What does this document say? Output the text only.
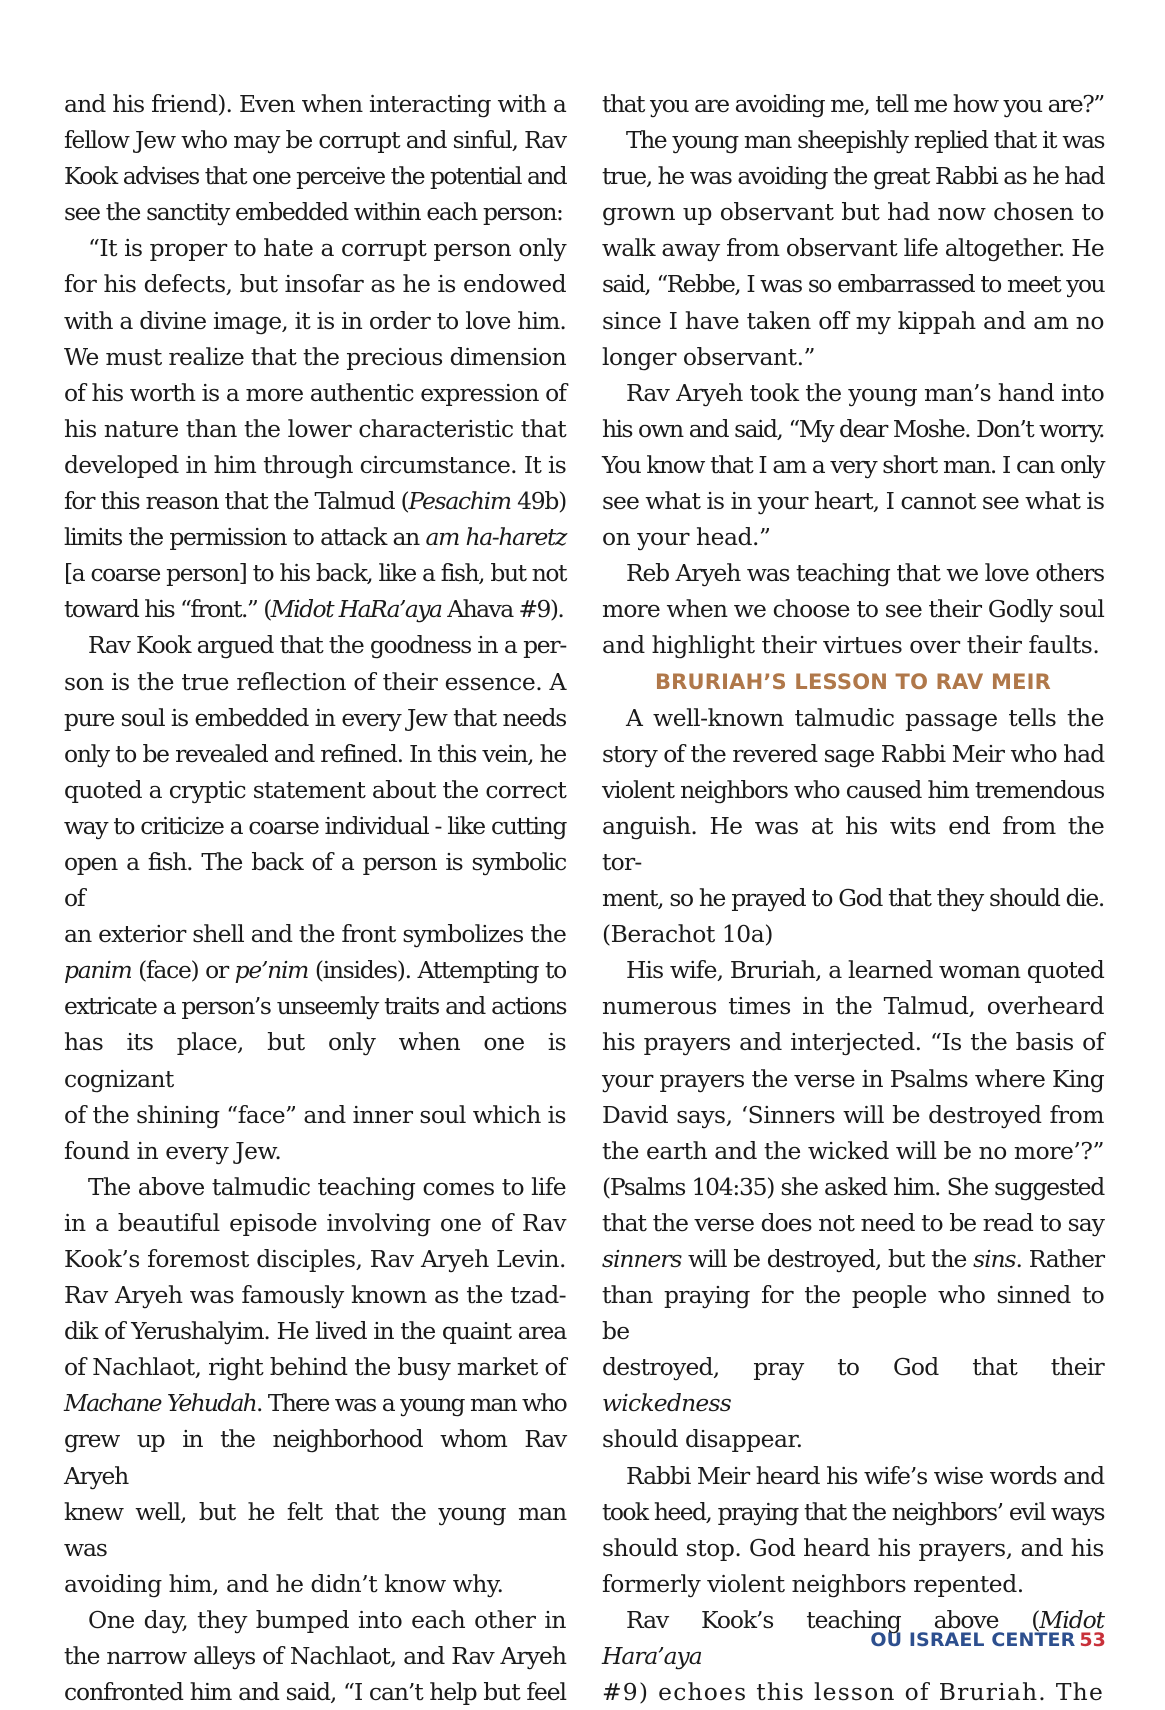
and his friend). Even when interacting with a

fellow Jew who may be corrupt and sinful, Rav

Kook advises that one perceive the potential and

see the sanctity embedded within each person:

“It is proper to hate a corrupt person only

for his defects, but insofar as he is endowed

with a divine image, it is in order to love him.

We must realize that the precious dimension

of his worth is a more authentic expression of

his nature than the lower characteristic that

developed in him through circumstance. It is

for this reason that the Talmud (Pesachim 49b)

limits the permission to attack an am ha-haretz

[a coarse person] to his back, like a fish, but not

toward his “front.” (Midot HaRa’aya Ahava #9).

Rav Kook argued that the goodness in a per-

son is the true reflection of their essence. A

pure soul is embedded in every Jew that needs

only to be revealed and refined. In this vein, he

quoted a cryptic statement about the correct

way to criticize a coarse individual - like cutting

open a fish. The back of a person is symbolic of

an exterior shell and the front symbolizes the

panim (face) or pe’nim (insides). Attempting to

extricate a person’s unseemly traits and actions

has its place, but only when one is cognizant

of the shining “face” and inner soul which is

found in every Jew.

The above talmudic teaching comes to life

in a beautiful episode involving one of Rav

Kook’s foremost disciples, Rav Aryeh Levin.

Rav Aryeh was famously known as the tzad-

dik of Yerushalyim. He lived in the quaint area

of Nachlaot, right behind the busy market of

Machane Yehudah. There was a young man who

grew up in the neighborhood whom Rav Aryeh

knew well, but he felt that the young man was

avoiding him, and he didn’t know why.

One day, they bumped into each other in

the narrow alleys of Nachlaot, and Rav Aryeh

confronted him and said, “I can’t help but feel

that you are avoiding me, tell me how you are?”

The young man sheepishly replied that it was

true, he was avoiding the great Rabbi as he had

grown up observant but had now chosen to

walk away from observant life altogether. He

said, “Rebbe, I was so embarrassed to meet you

since I have taken off my kippah and am no

longer observant.”

Rav Aryeh took the young man’s hand into

his own and said, “My dear Moshe. Don’t worry.

You know that I am a very short man. I can only

see what is in your heart, I cannot see what is

on your head.”

Reb Aryeh was teaching that we love others

more when we choose to see their Godly soul

and highlight their virtues over their faults.

BRURIAH’S LESSON TO RAV MEIR

A well-known talmudic passage tells the

story of the revered sage Rabbi Meir who had

violent neighbors who caused him tremendous

anguish. He was at his wits end from the tor-

ment, so he prayed to God that they should die.

(Berachot 10a)

His wife, Bruriah, a learned woman quoted

numerous times in the Talmud, overheard

his prayers and interjected. “Is the basis of

your prayers the verse in Psalms where King

David says, ‘Sinners will be destroyed from

the earth and the wicked will be no more’?”

(Psalms 104:35) she asked him. She suggested

that the verse does not need to be read to say

sinners will be destroyed, but the sins. Rather

than praying for the people who sinned to be

destroyed, pray to God that their wickedness

should disappear.

Rabbi Meir heard his wife’s wise words and

took heed, praying that the neighbors’ evil ways

should stop. God heard his prayers, and his

formerly violent neighbors repented.

Rav Kook’s teaching above (Midot Hara’aya

#9) echoes this lesson of Bruriah. The

OU ISRAEL CENTER 53
